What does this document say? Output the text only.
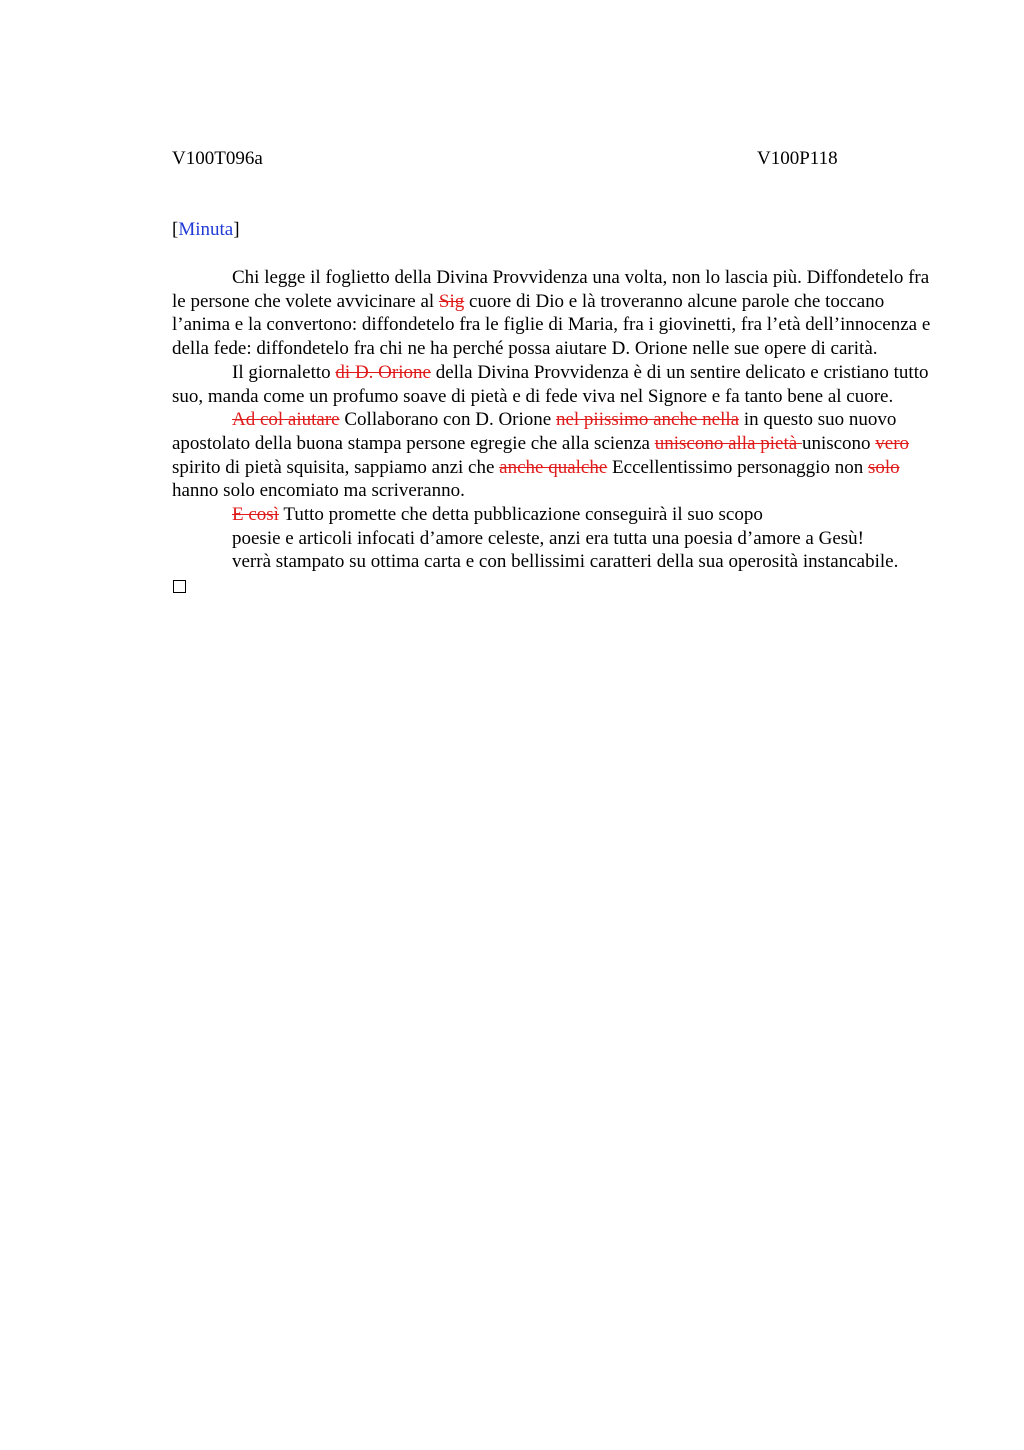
V100T096a	V100P118
[Minuta]

Chi legge il foglietto della Divina Provvidenza una volta, non lo lascia più. Diffondetelo fra le persone che volete avvicinare al Sig cuore di Dio e là troveranno alcune parole che toccano l’anima e la convertono: diffondetelo fra le figlie di Maria, fra i giovinetti, fra l’età dell’innocenza e della fede: diffondetelo fra chi ne ha perché possa aiutare D. Orione nelle sue opere di carità.

Il giornaletto di D. Orione della Divina Provvidenza è di un sentire delicato e cristiano tutto suo, manda come un profumo soave di pietà e di fede viva nel Signore e fa tanto bene al cuore.

Ad col aiutare Collaborano con D. Orione nel piissimo anche nella in questo suo nuovo apostolato della buona stampa persone egregie che alla scienza uniscono alla pietà uniscono vero spirito di pietà squisita, sappiamo anzi che anche qualche Eccellentissimo personaggio non solo hanno solo encomiato ma scriveranno.

E così Tutto promette che detta pubblicazione conseguirà il suo scopo

poesie e articoli infocati d’amore celeste, anzi era tutta una poesia d’amore a Gesù!

verrà stampato su ottima carta e con bellissimi caratteri della sua operosità instancabile.
